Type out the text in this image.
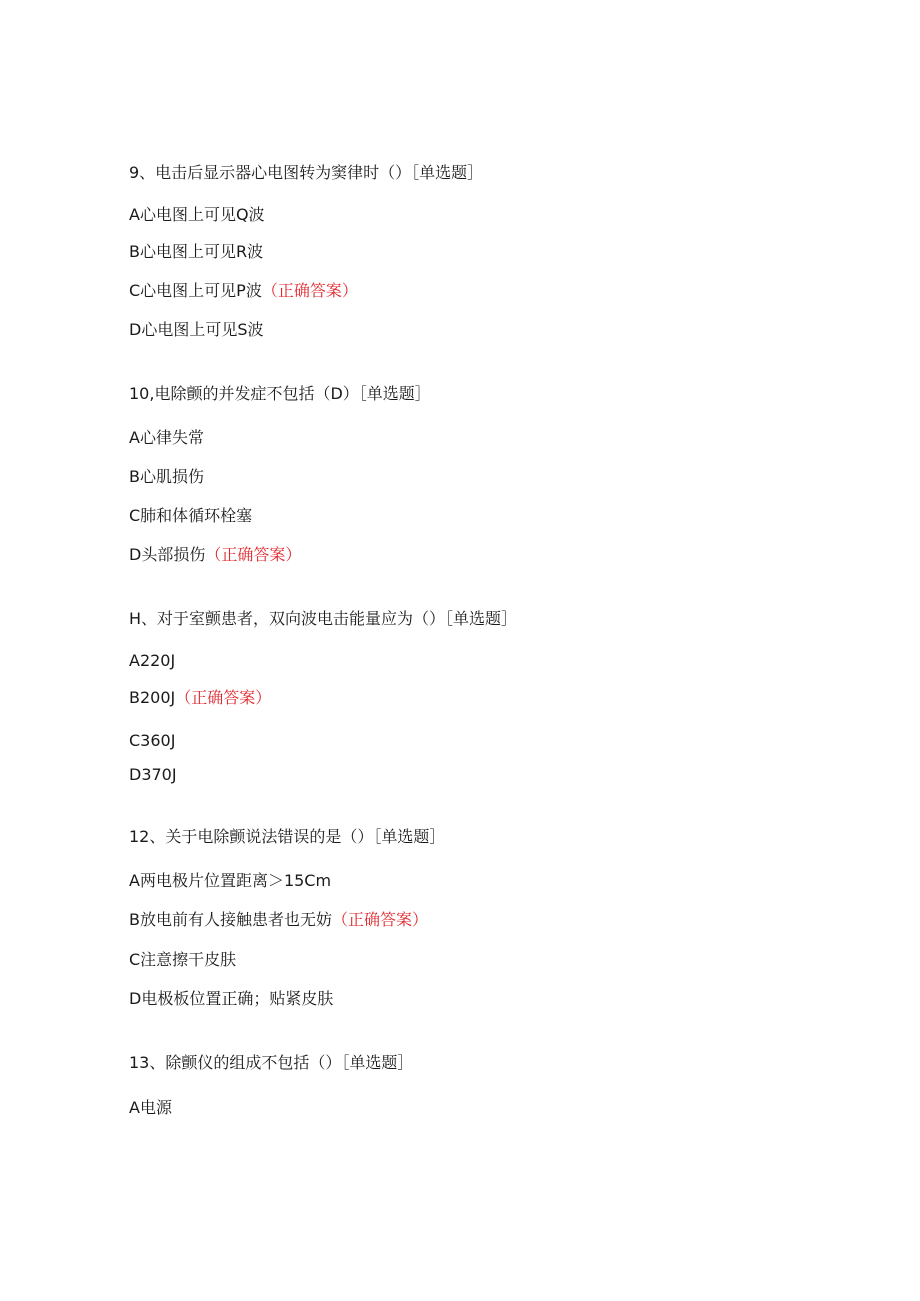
9、电击后显示器心电图转为窦律时（）［单选题］
A心电图上可见Q波
B心电图上可见R波
C心电图上可见P波（正确答案）
D心电图上可见S波
10,电除颤的并发症不包括（D）［单选题］
A心律失常
B心肌损伤
C肺和体循环栓塞
D头部损伤（正确答案）
H、对于室颤患者，双向波电击能量应为（）［单选题］
A220J
B200J（正确答案）
C360J
D370J
12、关于电除颤说法错误的是（）［单选题］
A两电极片位置距离＞15Cm
B放电前有人接触患者也无妨（正确答案）
C注意擦干皮肤
D电极板位置正确；贴紧皮肤
13、除颤仪的组成不包括（）［单选题］
A电源
